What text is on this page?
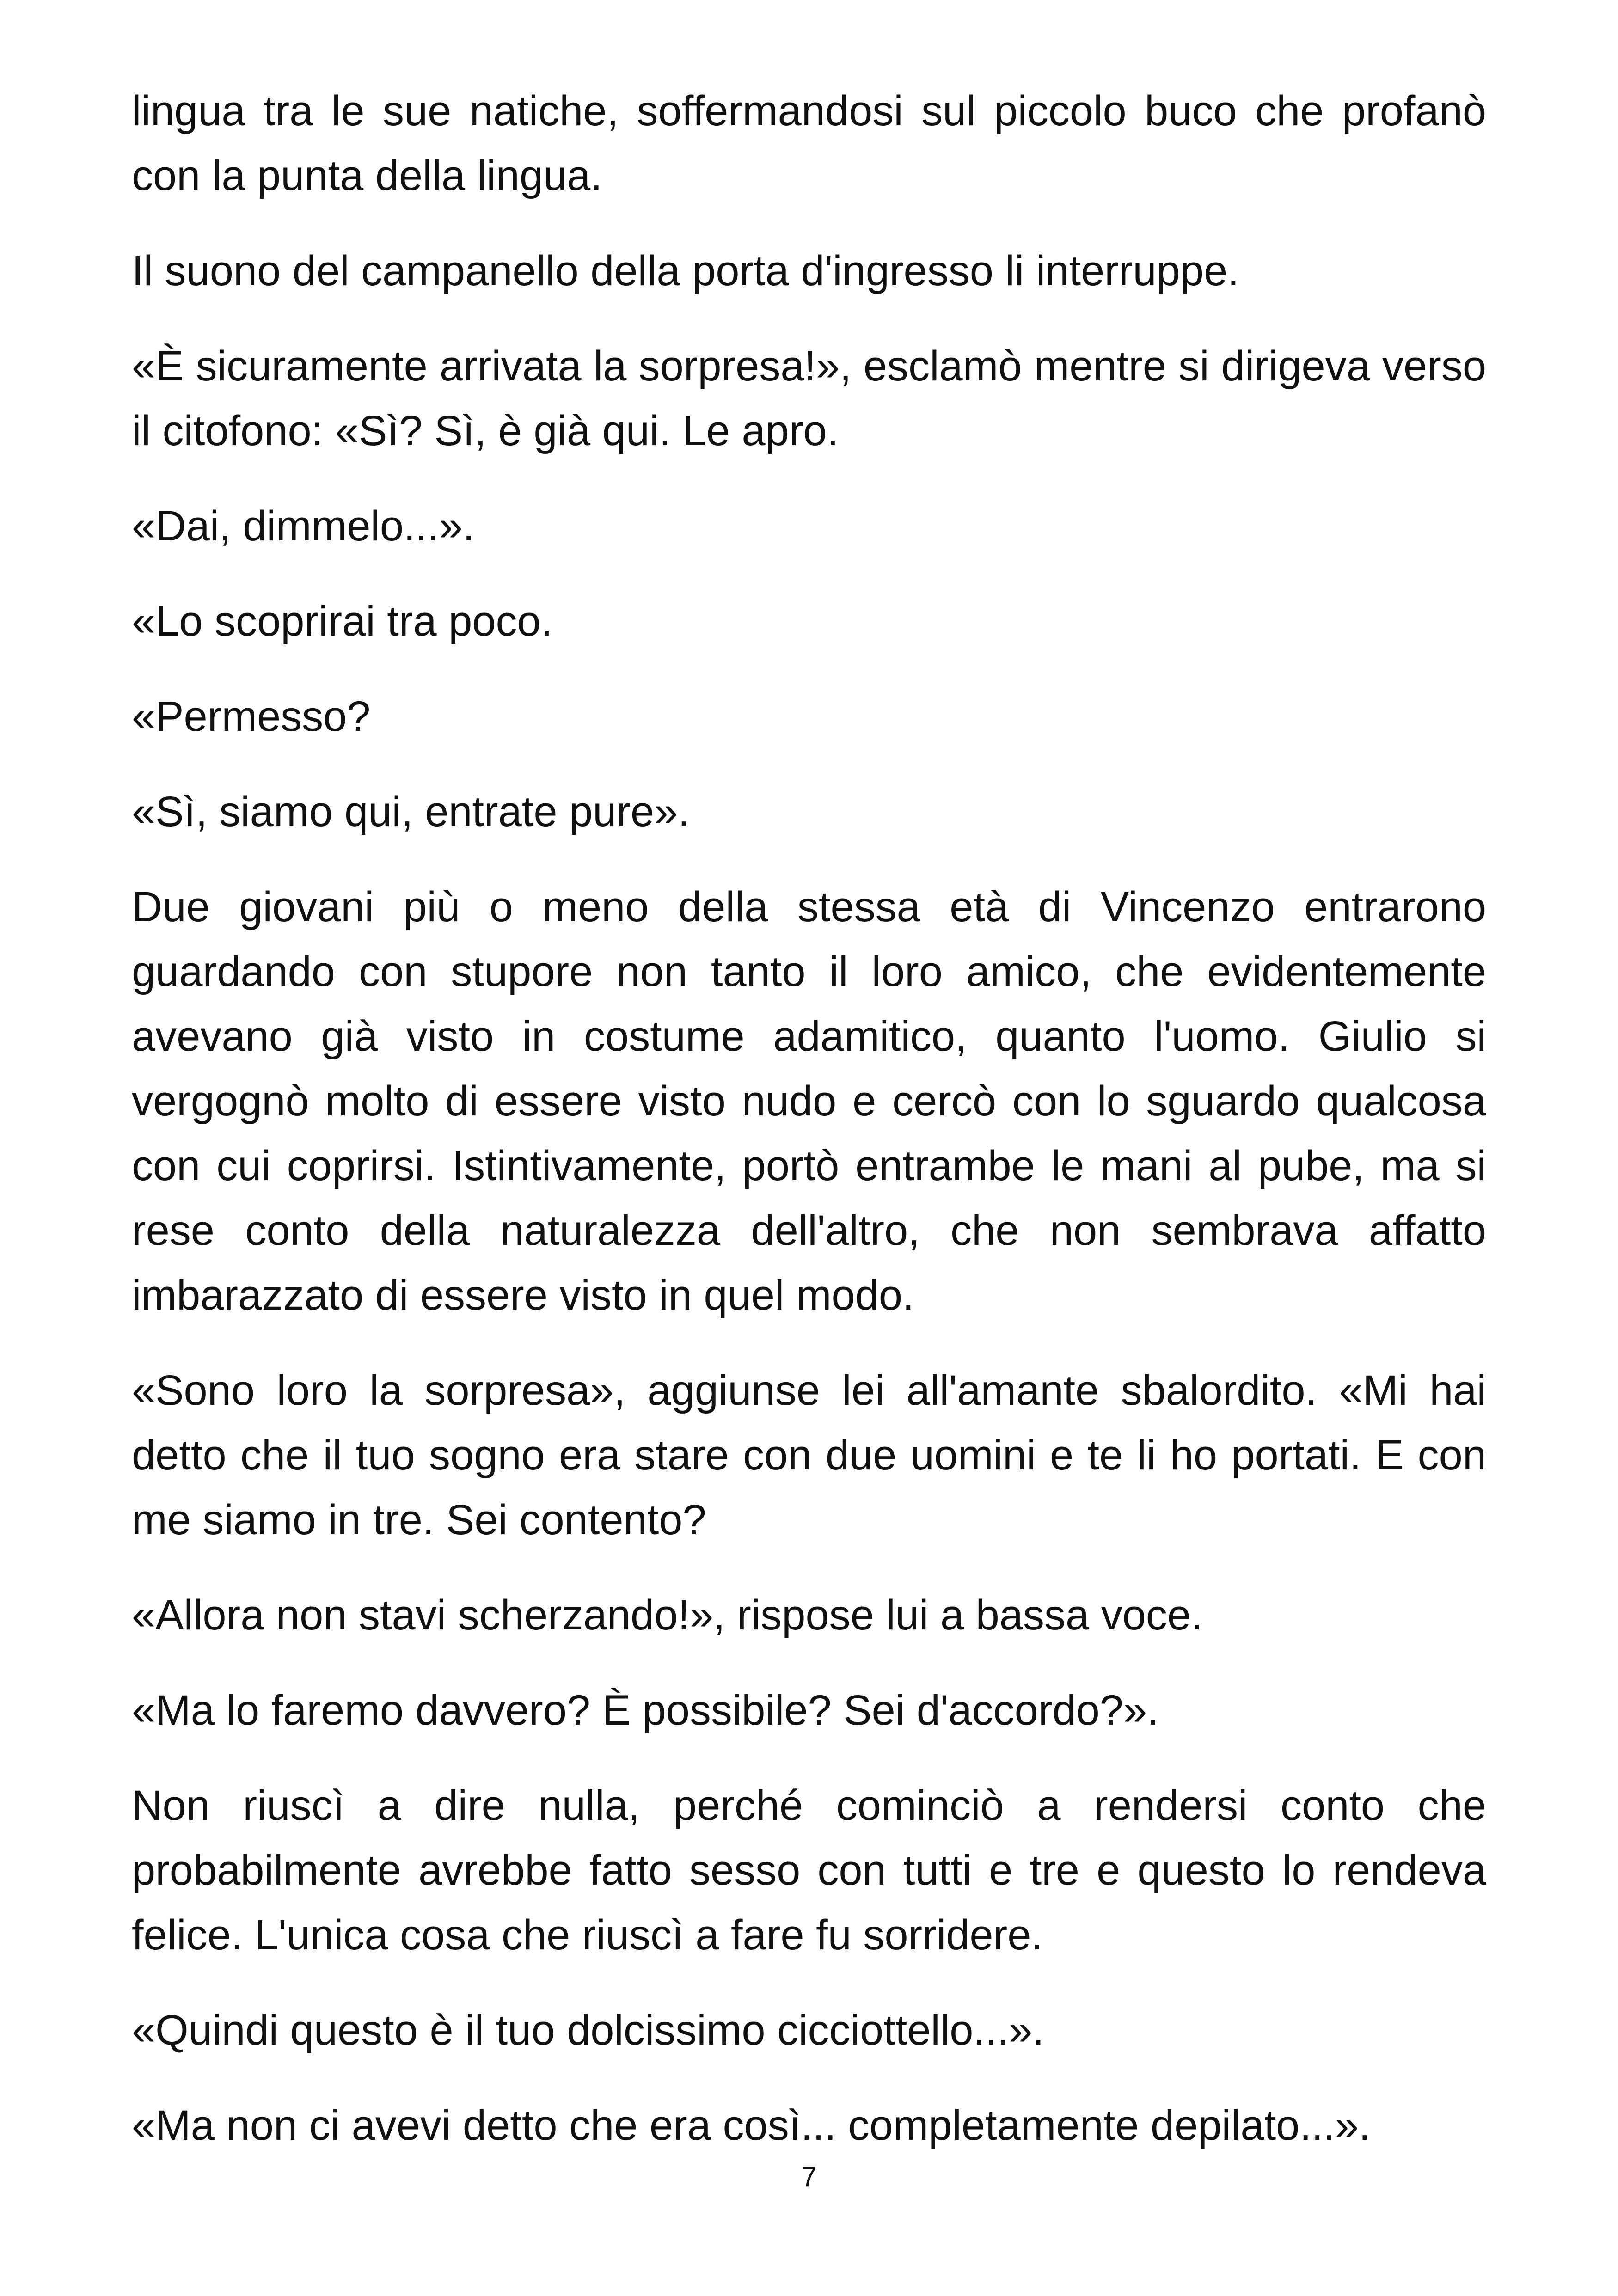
lingua tra le sue natiche, soffermandosi sul piccolo buco che profanò con la punta della lingua.

Il suono del campanello della porta d'ingresso li interruppe.

«È sicuramente arrivata la sorpresa!», esclamò mentre si dirigeva verso il citofono: «Sì? Sì, è già qui. Le apro.

«Dai, dimmelo...».

«Lo scoprirai tra poco.

«Permesso?

«Sì, siamo qui, entrate pure».

Due giovani più o meno della stessa età di Vincenzo entrarono guardando con stupore non tanto il loro amico, che evidentemente avevano già visto in costume adamitico, quanto l'uomo. Giulio si vergognò molto di essere visto nudo e cercò con lo sguardo qualcosa con cui coprirsi. Istintivamente, portò entrambe le mani al pube, ma si rese conto della naturalezza dell'altro, che non sembrava affatto imbarazzato di essere visto in quel modo.

«Sono loro la sorpresa», aggiunse lei all'amante sbalordito. «Mi hai detto che il tuo sogno era stare con due uomini e te li ho portati. E con me siamo in tre. Sei contento?

«Allora non stavi scherzando!», rispose lui a bassa voce.

«Ma lo faremo davvero? È possibile? Sei d'accordo?».

Non riuscì a dire nulla, perché cominciò a rendersi conto che probabilmente avrebbe fatto sesso con tutti e tre e questo lo rendeva felice. L'unica cosa che riuscì a fare fu sorridere.

«Quindi questo è il tuo dolcissimo cicciottello...».

«Ma non ci avevi detto che era così... completamente depilato...».

7
